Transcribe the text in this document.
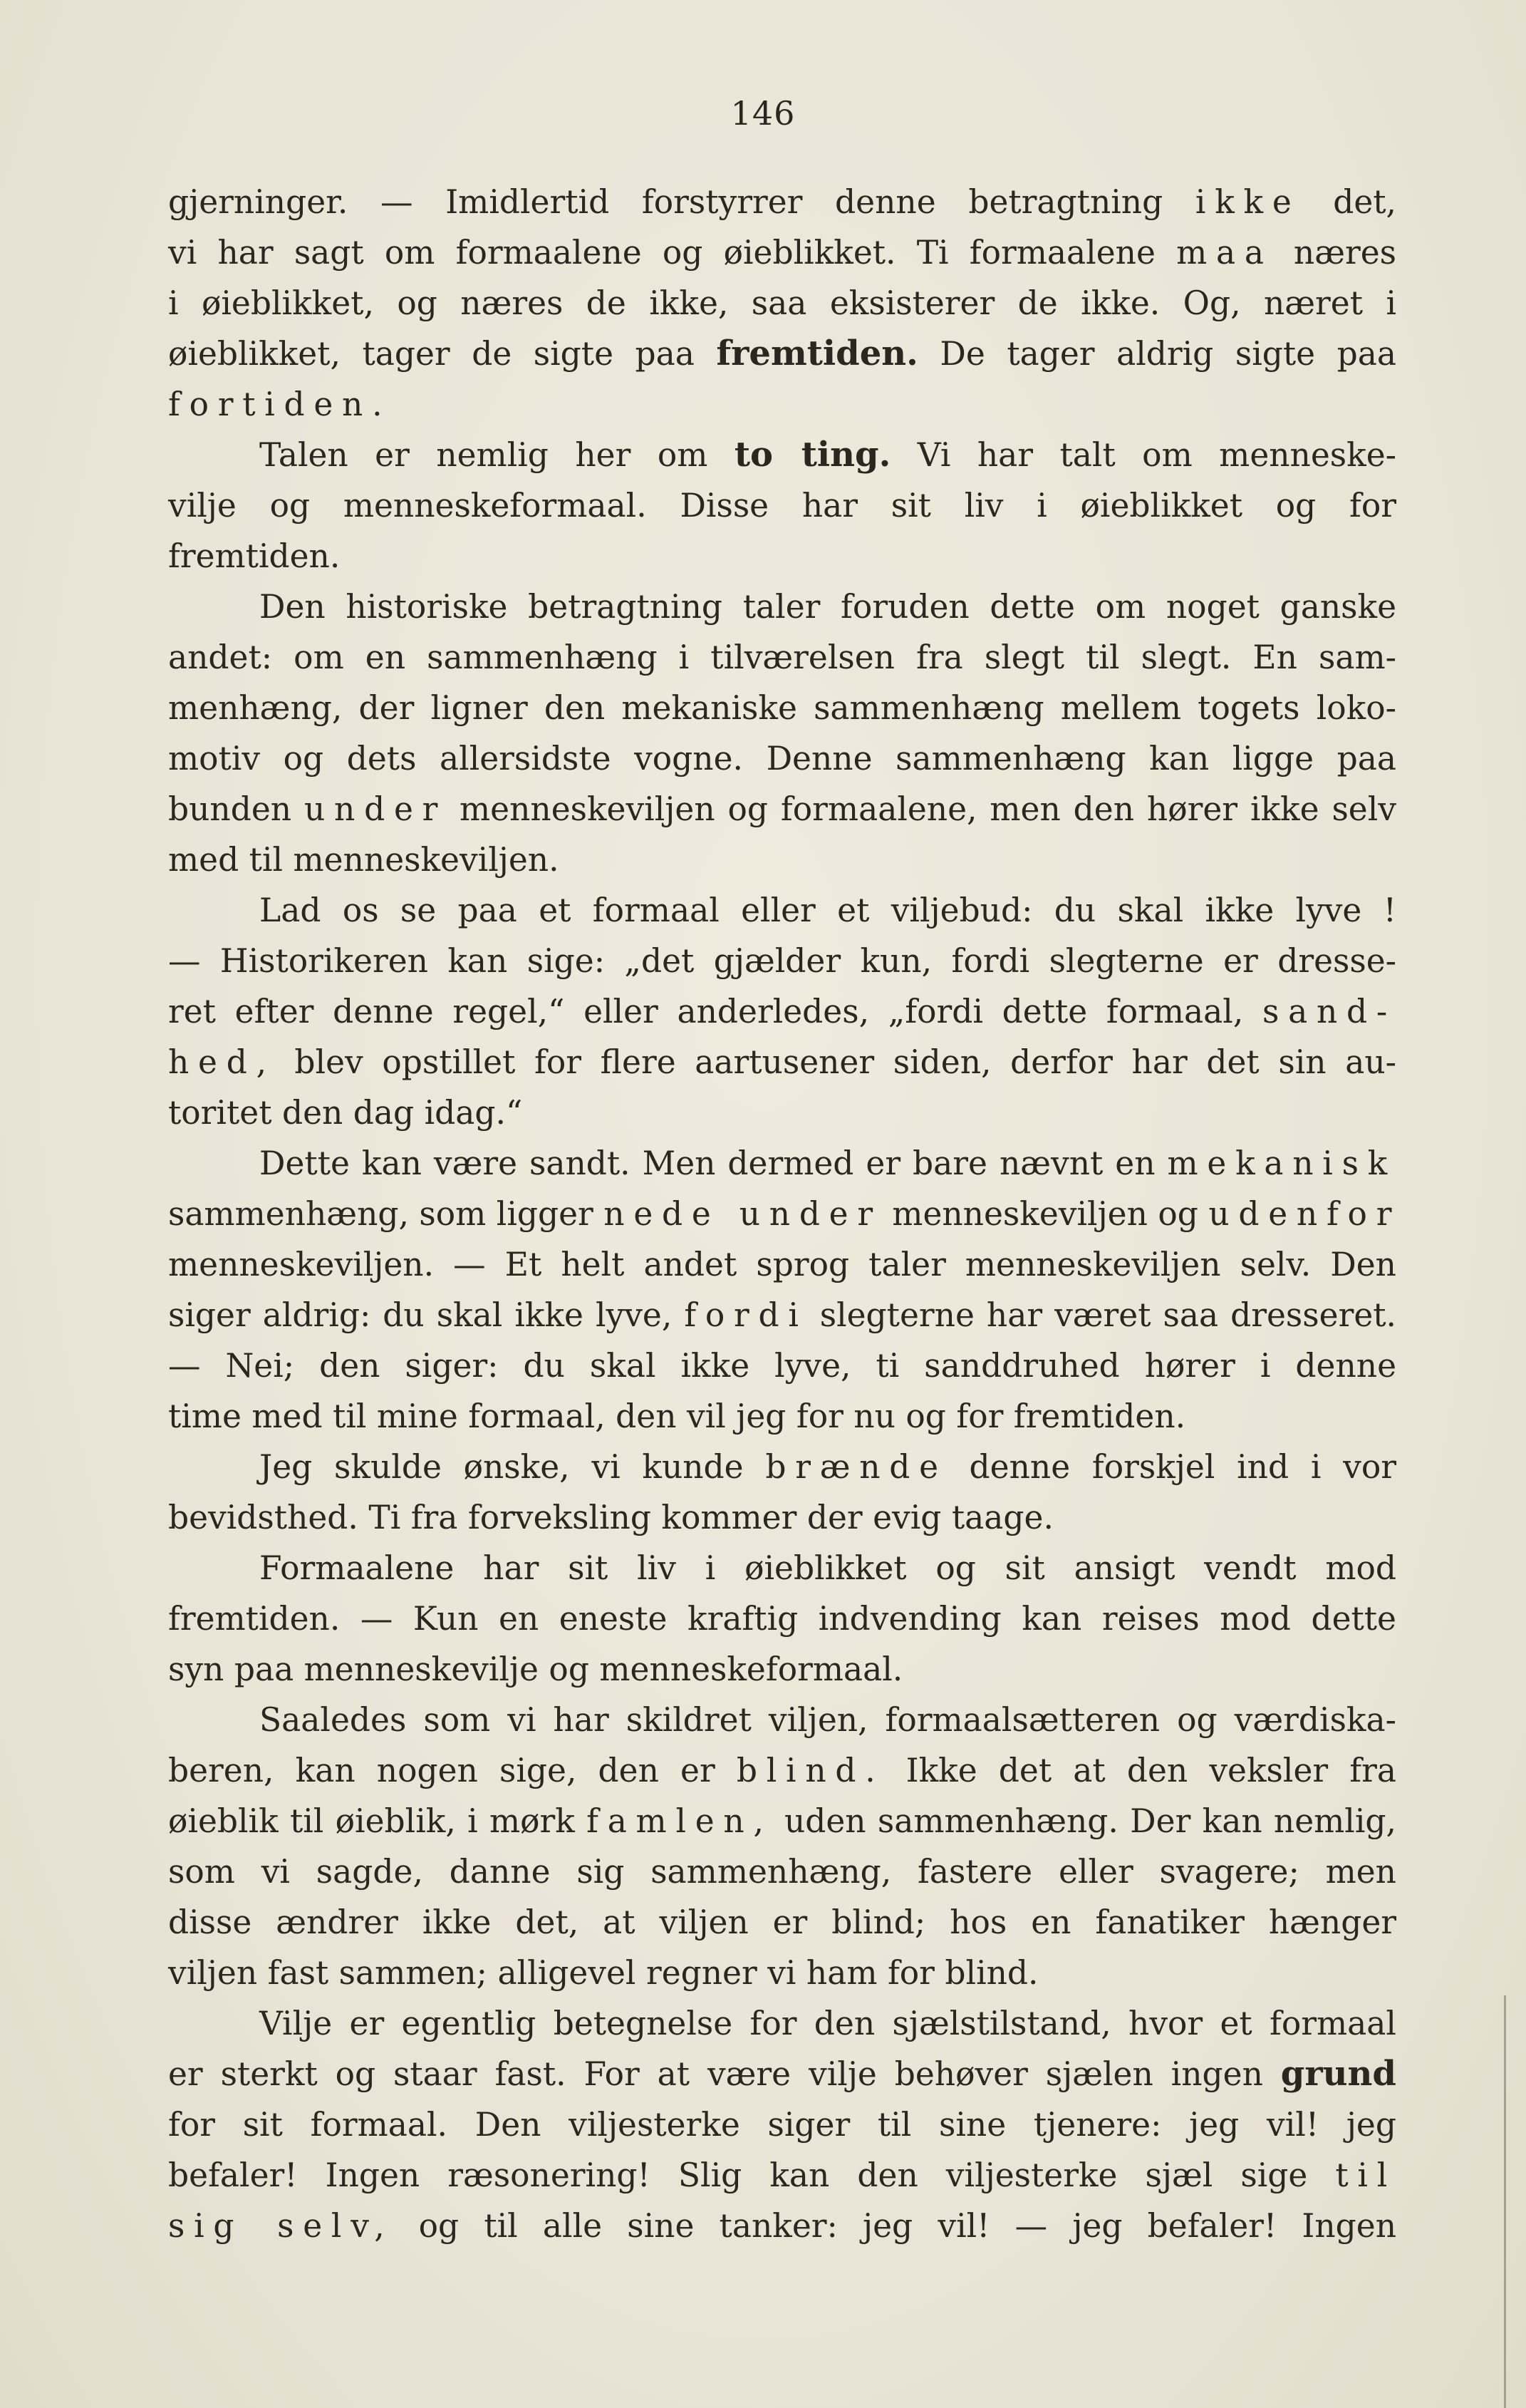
146
gjerninger. — Imidlertid forstyrrer denne betragtning ikke det,
vi har sagt om formaalene og øieblikket. Ti formaalene maa næres
i øieblikket, og næres de ikke, saa eksisterer de ikke. Og, næret i
øieblikket, tager de sigte paa fremtiden. De tager aldrig sigte paa
fortiden.
Talen er nemlig her om to ting. Vi har talt om menneske-
vilje og menneskeformaal. Disse har sit liv i øieblikket og for
fremtiden.
Den historiske betragtning taler foruden dette om noget ganske
andet: om en sammenhæng i tilværelsen fra slegt til slegt. En sam-
menhæng, der ligner den mekaniske sammenhæng mellem togets loko-
motiv og dets allersidste vogne. Denne sammenhæng kan ligge paa
bunden under menneskeviljen og formaalene, men den hører ikke selv
med til menneskeviljen.
Lad os se paa et formaal eller et viljebud: du skal ikke lyve !
— Historikeren kan sige: „det gjælder kun, fordi slegterne er dresse-
ret efter denne regel,“ eller anderledes, „fordi dette formaal, sand-
hed, blev opstillet for flere aartusener siden, derfor har det sin au-
toritet den dag idag.“
Dette kan være sandt. Men dermed er bare nævnt en mekanisk
sammenhæng, som ligger nede under menneskeviljen og udenfor
menneskeviljen. — Et helt andet sprog taler menneskeviljen selv. Den
siger aldrig: du skal ikke lyve, fordi slegterne har været saa dresseret.
— Nei; den siger: du skal ikke lyve, ti sanddruhed hører i denne
time med til mine formaal, den vil jeg for nu og for fremtiden.
Jeg skulde ønske, vi kunde brænde denne forskjel ind i vor
bevidsthed. Ti fra forveksling kommer der evig taage.
Formaalene har sit liv i øieblikket og sit ansigt vendt mod
fremtiden. — Kun en eneste kraftig indvending kan reises mod dette
syn paa menneskevilje og menneskeformaal.
Saaledes som vi har skildret viljen, formaalsætteren og værdiska-
beren, kan nogen sige, den er blind. Ikke det at den veksler fra
øieblik til øieblik, i mørk famlen, uden sammenhæng. Der kan nemlig,
som vi sagde, danne sig sammenhæng, fastere eller svagere; men
disse ændrer ikke det, at viljen er blind; hos en fanatiker hænger
viljen fast sammen; alligevel regner vi ham for blind.
Vilje er egentlig betegnelse for den sjælstilstand, hvor et formaal
er sterkt og staar fast. For at være vilje behøver sjælen ingen grund
for sit formaal. Den viljesterke siger til sine tjenere: jeg vil! jeg
befaler! Ingen ræsonering! Slig kan den viljesterke sjæl sige til
sig selv, og til alle sine tanker: jeg vil! — jeg befaler! Ingen
